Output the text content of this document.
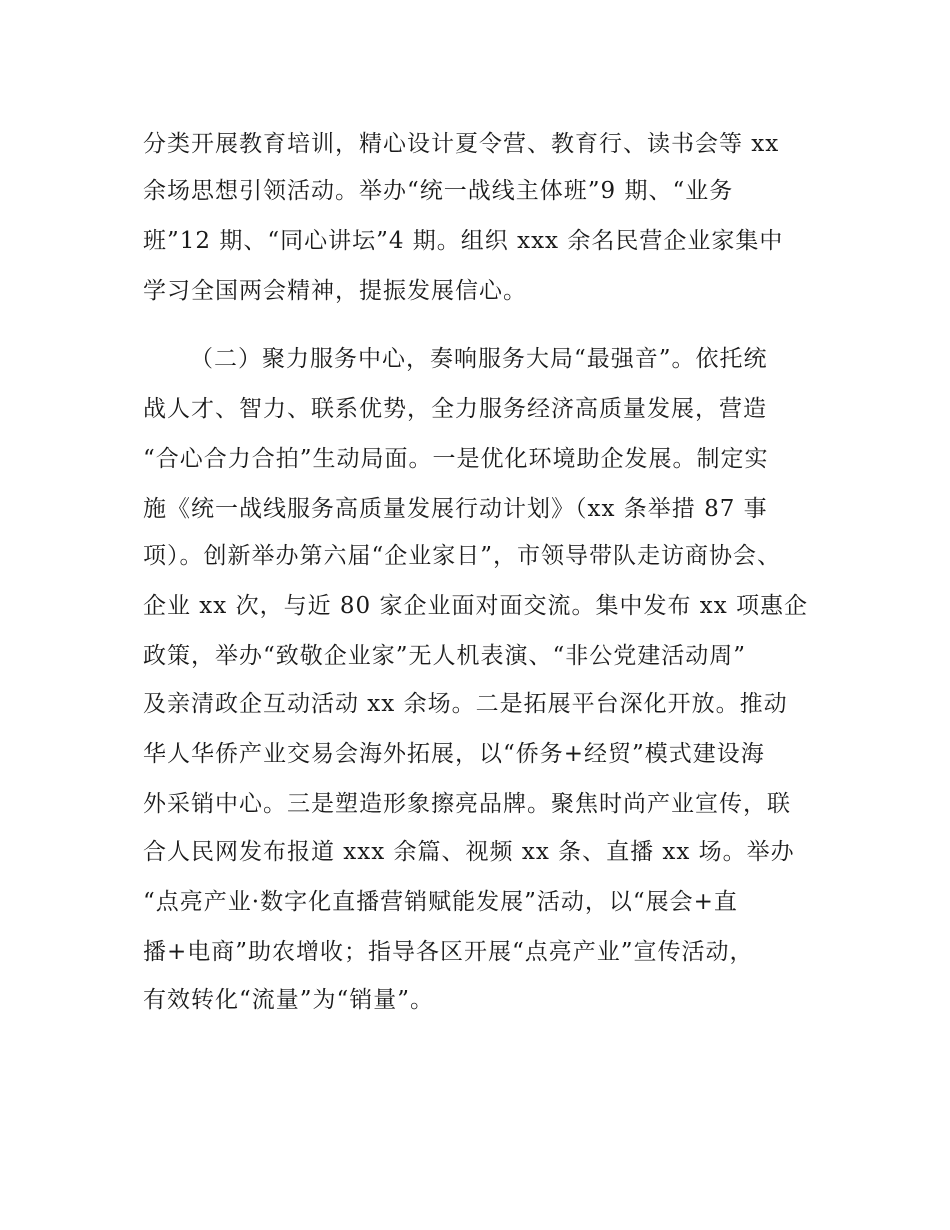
分类开展教育培训，精心设计夏令营、教育行、读书会等 xx
余场思想引领活动。举办“统一战线主体班”9 期、“业务
班”12 期、“同心讲坛”4 期。组织 xxx 余名民营企业家集中
学习全国两会精神，提振发展信心。
（二）聚力服务中心，奏响服务大局“最强音”。依托统
战人才、智力、联系优势，全力服务经济高质量发展，营造
“合心合力合拍”生动局面。一是优化环境助企发展。制定实
施《统一战线服务高质量发展行动计划》（xx 条举措 87 事
项）。创新举办第六届“企业家日”，市领导带队走访商协会、
企业 xx 次，与近 80 家企业面对面交流。集中发布 xx 项惠企
政策，举办“致敬企业家”无人机表演、“非公党建活动周”
及亲清政企互动活动 xx 余场。二是拓展平台深化开放。推动
华人华侨产业交易会海外拓展，以“侨务+经贸”模式建设海
外采销中心。三是塑造形象擦亮品牌。聚焦时尚产业宣传，联
合人民网发布报道 xxx 余篇、视频 xx 条、直播 xx 场。举办
“点亮产业·数字化直播营销赋能发展”活动，以“展会+直
播+电商”助农增收；指导各区开展“点亮产业”宣传活动，
有效转化“流量”为“销量”。
